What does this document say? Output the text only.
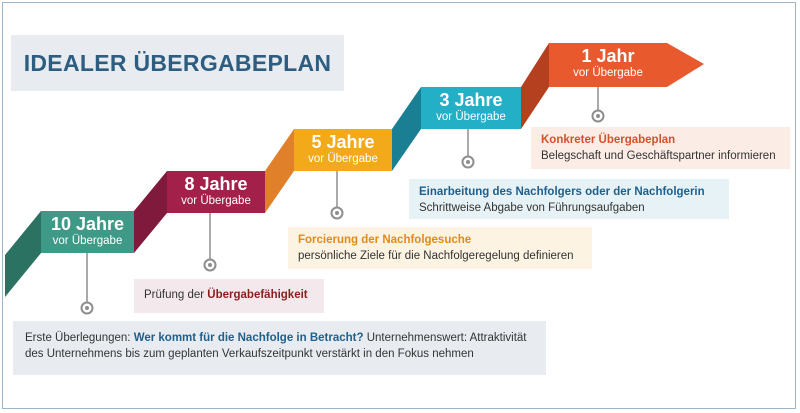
IDEALER ÜBERGABEPLAN
10 Jahre
vor Übergabe
8 Jahre
vor Übergabe
5 Jahre
vor Übergabe
3 Jahre
vor Übergabe
1 Jahr
vor Übergabe
Erste Überlegungen: Wer kommt für die Nachfolge in Betracht? Unternehmenswert: Attraktivität des Unternehmens bis zum geplanten Verkaufszeitpunkt verstärkt in den Fokus nehmen
Prüfung der Übergabefähigkeit
Forcierung der Nachfolgesuche
persönliche Ziele für die Nachfolgeregelung definieren
Einarbeitung des Nachfolgers oder der Nachfolgerin
Schrittweise Abgabe von Führungsaufgaben
Konkreter Übergabeplan
Belegschaft und Geschäftspartner informieren
